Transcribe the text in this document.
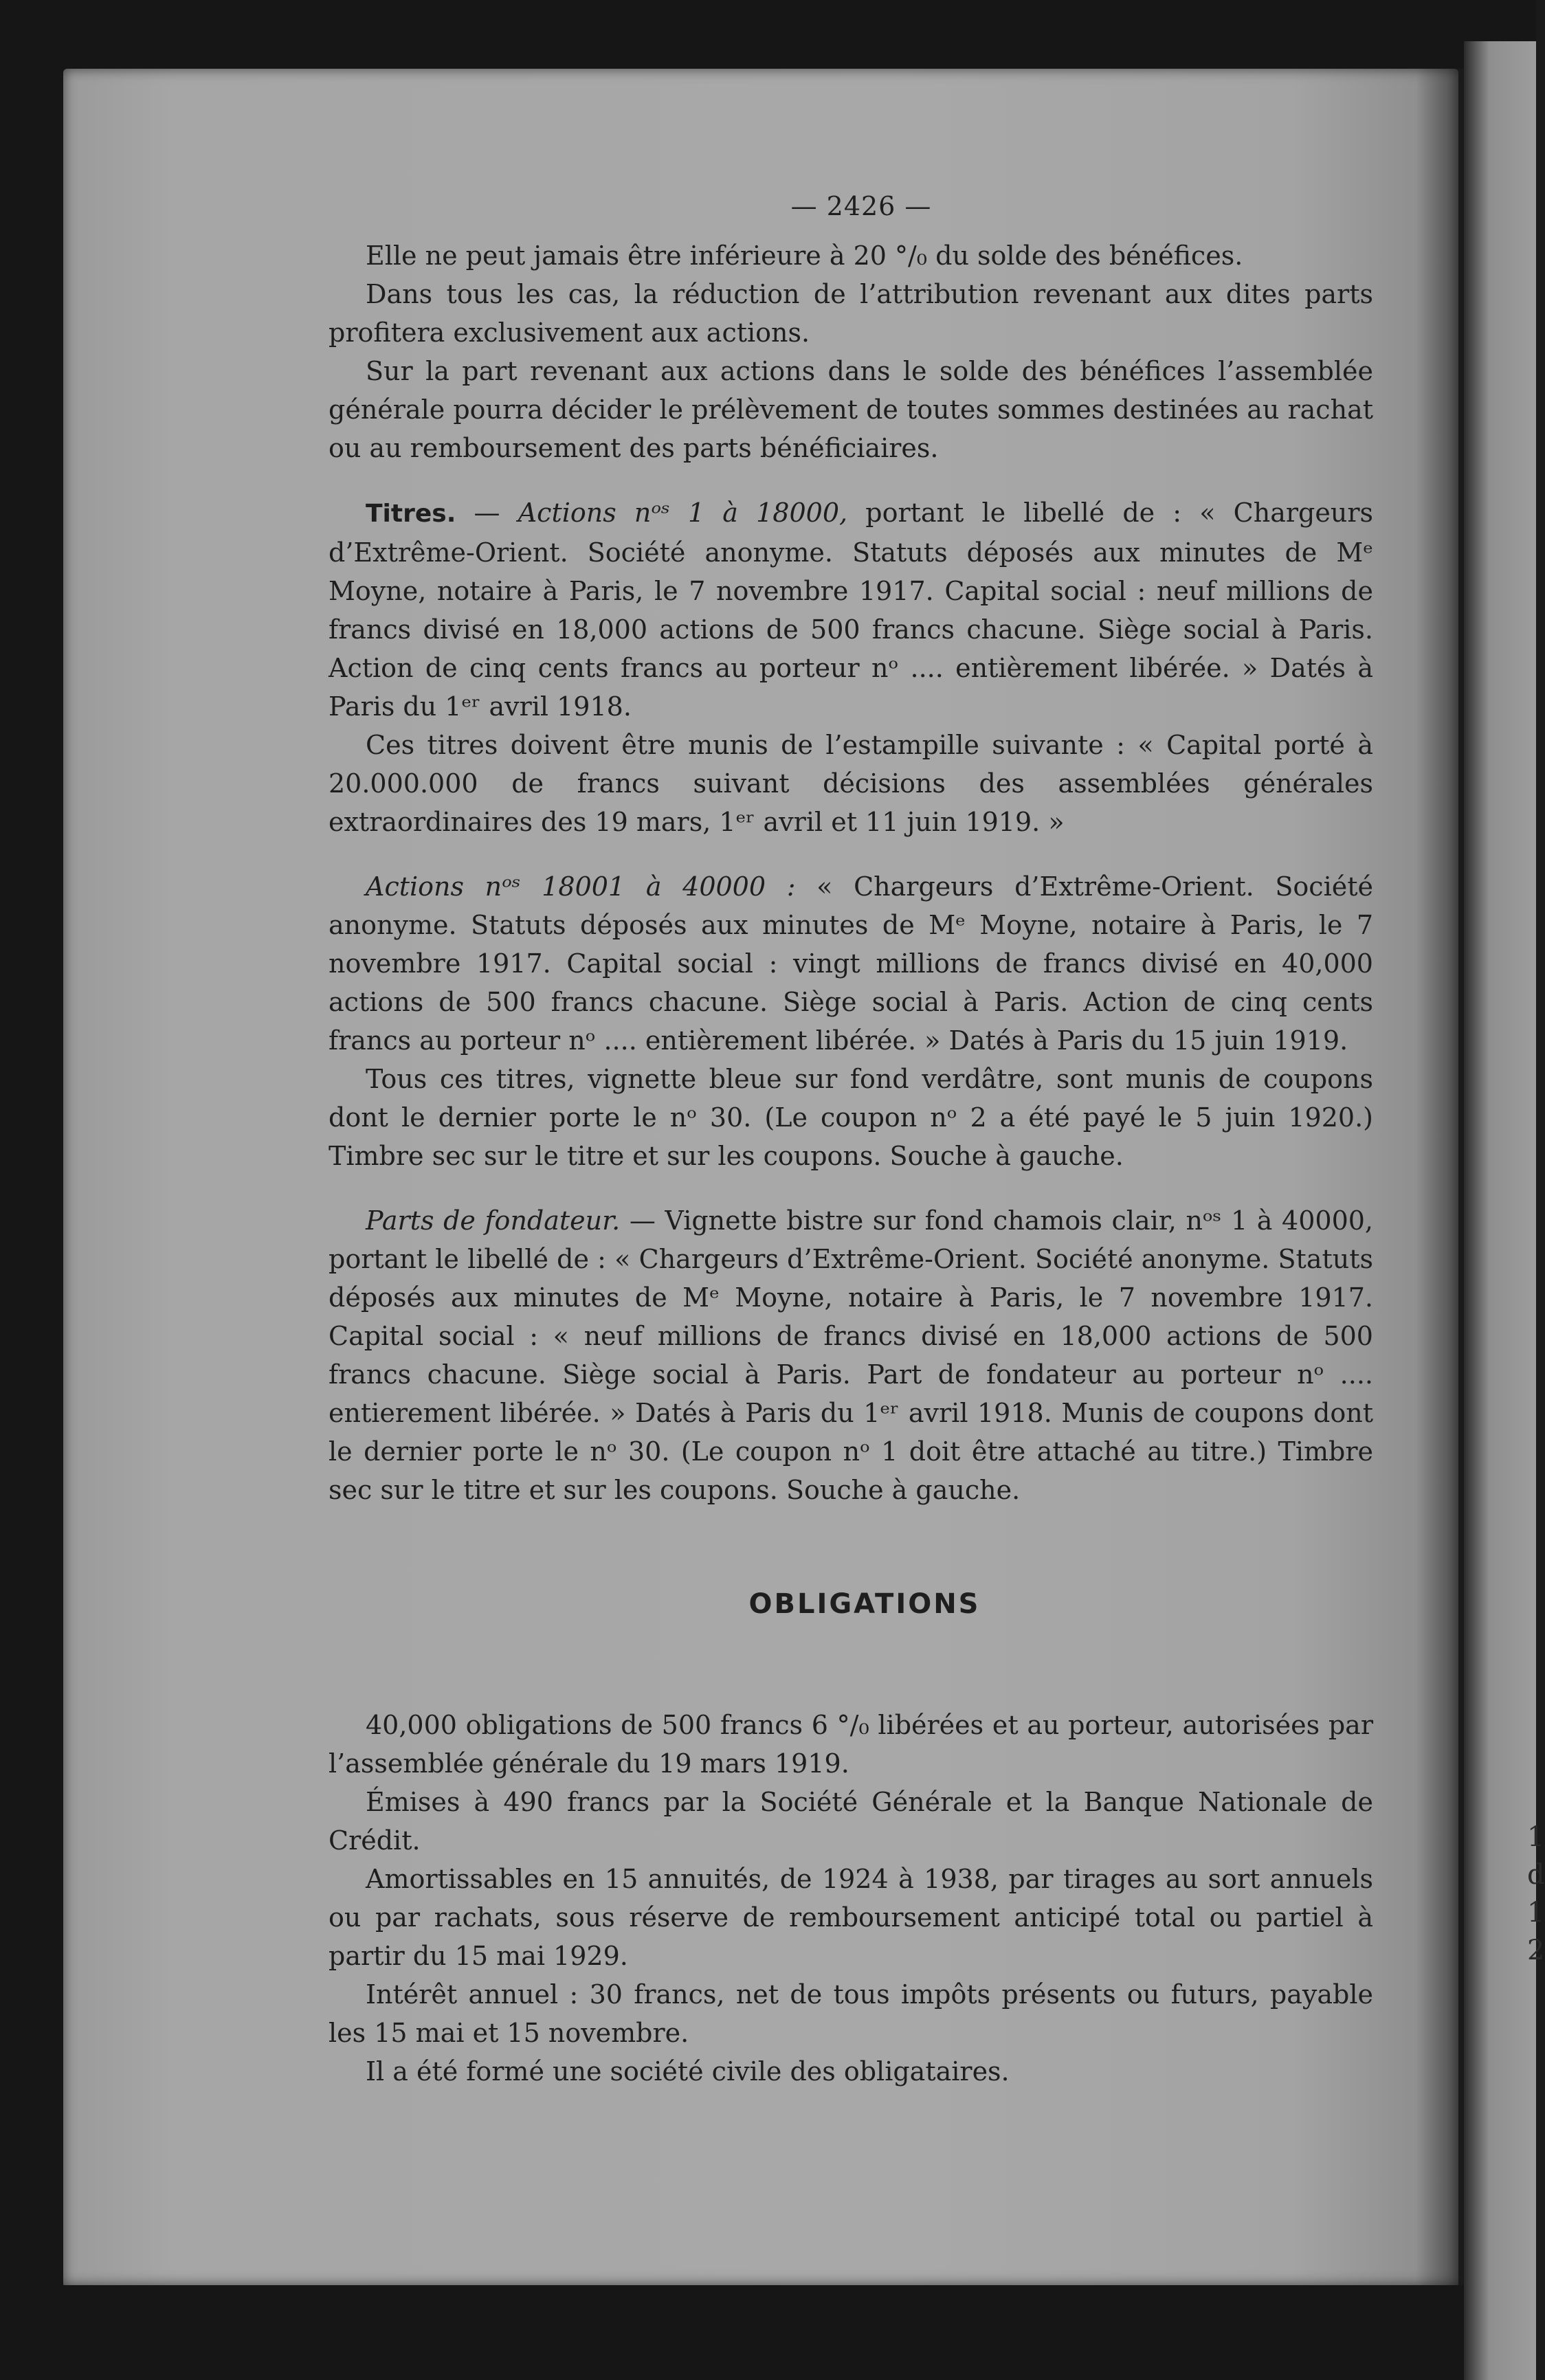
1
d
1
2
— 2426 —

Elle ne peut jamais être inférieure à 20 °/₀ du solde des bénéfices.

Dans tous les cas, la réduction de l’attribution revenant aux dites parts profitera exclusivement aux actions.

Sur la part revenant aux actions dans le solde des bénéfices l’assemblée générale pourra décider le prélèvement de toutes sommes destinées au rachat ou au remboursement des parts bénéficiaires.

Titres. — Actions nᵒˢ 1 à 18000, portant le libellé de : « Chargeurs d’Extrême-Orient. Société anonyme. Statuts déposés aux minutes de Mᵉ Moyne, notaire à Paris, le 7 novembre 1917. Capital social : neuf millions de francs divisé en 18,000 actions de 500 francs chacune. Siège social à Paris. Action de cinq cents francs au porteur nᵒ .... entièrement libérée. » Datés à Paris du 1ᵉʳ avril 1918.

Ces titres doivent être munis de l’estampille suivante : « Capital porté à 20.000.000 de francs suivant décisions des assemblées générales extraordinaires des 19 mars, 1ᵉʳ avril et 11 juin 1919. »

Actions nᵒˢ 18001 à 40000 : « Chargeurs d’Extrême-Orient. Société anonyme. Statuts déposés aux minutes de Mᵉ Moyne, notaire à Paris, le 7 novembre 1917. Capital social : vingt millions de francs divisé en 40,000 actions de 500 francs chacune. Siège social à Paris. Action de cinq cents francs au porteur nᵒ .... entièrement libérée. » Datés à Paris du 15 juin 1919.

Tous ces titres, vignette bleue sur fond verdâtre, sont munis de coupons dont le dernier porte le nᵒ 30. (Le coupon nᵒ 2 a été payé le 5 juin 1920.) Timbre sec sur le titre et sur les coupons. Souche à gauche.

Parts de fondateur. — Vignette bistre sur fond chamois clair, nᵒˢ 1 à 40000, portant le libellé de : « Chargeurs d’Extrême-Orient. Société anonyme. Statuts déposés aux minutes de Mᵉ Moyne, notaire à Paris, le 7 novembre 1917. Capital social : « neuf millions de francs divisé en 18,000 actions de 500 francs chacune. Siège social à Paris. Part de fondateur au porteur nᵒ .... entierement libérée. » Datés à Paris du 1ᵉʳ avril 1918. Munis de coupons dont le dernier porte le nᵒ 30. (Le coupon nᵒ 1 doit être attaché au titre.) Timbre sec sur le titre et sur les coupons. Souche à gauche.

OBLIGATIONS

40,000 obligations de 500 francs 6 °/₀ libérées et au porteur, autorisées par l’assemblée générale du 19 mars 1919.

Émises à 490 francs par la Société Générale et la Banque Nationale de Crédit.

Amortissables en 15 annuités, de 1924 à 1938, par tirages au sort annuels ou par rachats, sous réserve de remboursement anticipé total ou partiel à partir du 15 mai 1929.

Intérêt annuel : 30 francs, net de tous impôts présents ou futurs, payable les 15 mai et 15 novembre.

Il a été formé une société civile des obligataires.
